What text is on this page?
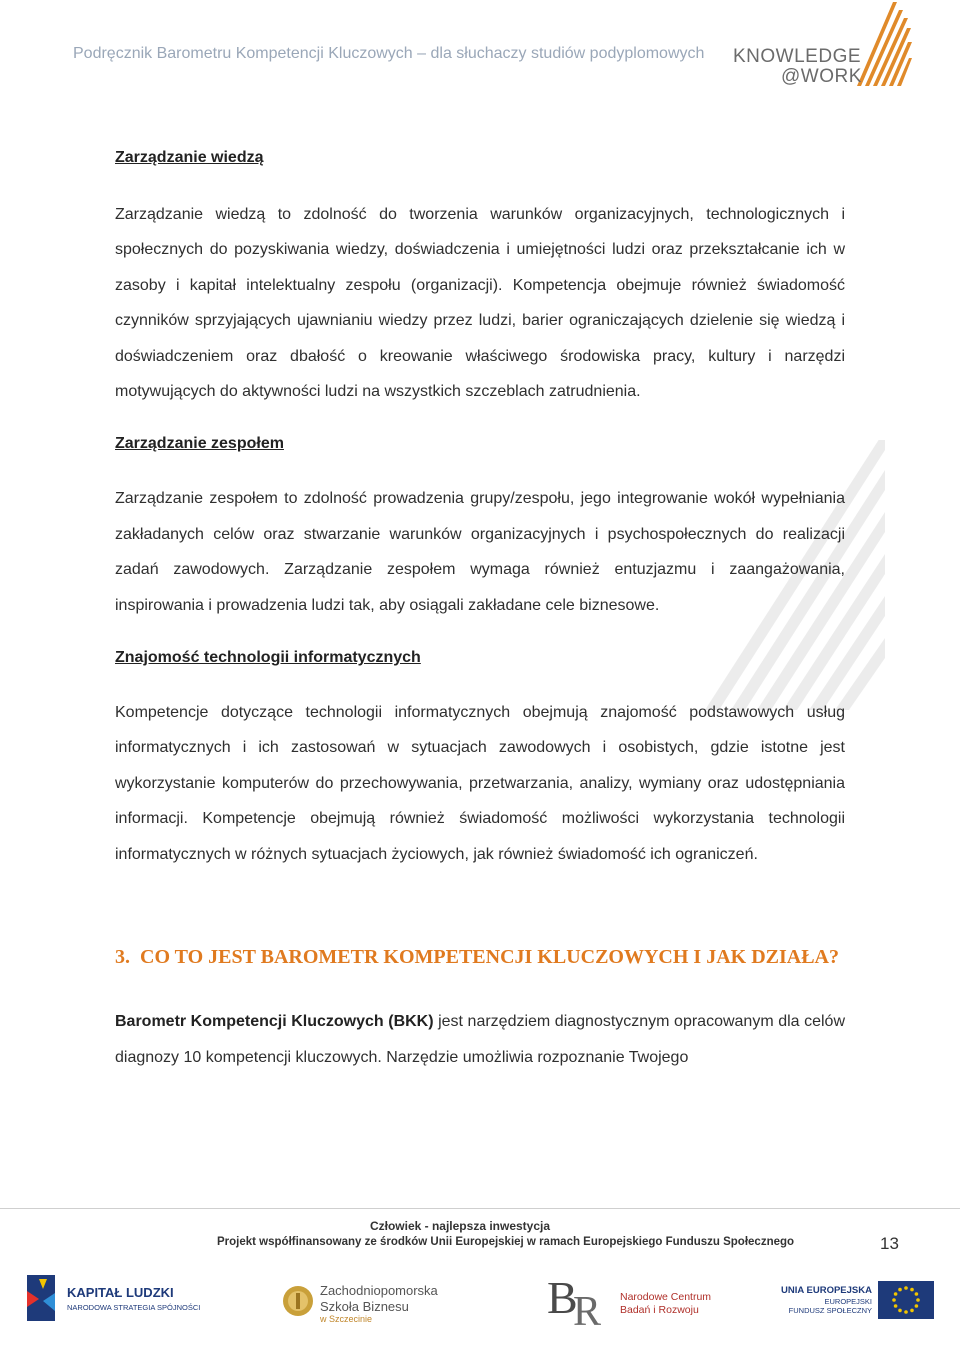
Podręcznik Barometru Kompetencji Kluczowych – dla słuchaczy studiów podyplomowych KNOWLEDGE
@WORK
Zarządzanie wiedzą

Zarządzanie wiedzą to zdolność do tworzenia warunków organizacyjnych, technologicznych i społecznych do pozyskiwania wiedzy, doświadczenia i umiejętności ludzi oraz przekształcanie ich w zasoby i kapitał intelektualny zespołu (organizacji). Kompetencja obejmuje również świadomość czynników sprzyjających ujawnianiu wiedzy przez ludzi, barier ograniczających dzielenie się wiedzą i doświadczeniem oraz dbałość o kreowanie właściwego środowiska pracy, kultury i narzędzi motywujących do aktywności ludzi na wszystkich szczeblach zatrudnienia.

Zarządzanie zespołem

Zarządzanie zespołem to zdolność prowadzenia grupy/zespołu, jego integrowanie wokół wypełniania zakładanych celów oraz stwarzanie warunków organizacyjnych i psychospołecznych do realizacji zadań zawodowych. Zarządzanie zespołem wymaga również entuzjazmu i zaangażowania, inspirowania i prowadzenia ludzi tak, aby osiągali zakładane cele biznesowe.

Znajomość technologii informatycznych

Kompetencje dotyczące technologii informatycznych obejmują znajomość podstawowych usług informatycznych i ich zastosowań w sytuacjach zawodowych i osobistych, gdzie istotne jest wykorzystanie komputerów do przechowywania, przetwarzania, analizy, wymiany oraz udostępniania informacji. Kompetencje obejmują również świadomość możliwości wykorzystania technologii informatycznych w różnych sytuacjach życiowych, jak również świadomość ich ograniczeń.

3. CO TO JEST BAROMETR KOMPETENCJI KLUCZOWYCH I JAK DZIAŁA?

Barometr Kompetencji Kluczowych (BKK) jest narzędziem diagnostycznym opracowanym dla celów diagnozy 10 kompetencji kluczowych. Narzędzie umożliwia rozpoznanie Twojego

Człowiek - najlepsza inwestycja
Projekt współfinansowany ze środków Unii Europejskiej w ramach Europejskiego Funduszu Społecznego	13
KAPITAŁ LUDZKI
NARODOWA STRATEGIA SPÓJNOŚCI
Zachodniopomorska
Szkoła Biznesu
w Szczecinie	B
R Narodowe Centrum
Badań i Rozwoju
UNIA EUROPEJSKA
EUROPEJSKI
FUNDUSZ SPOŁECZNY
